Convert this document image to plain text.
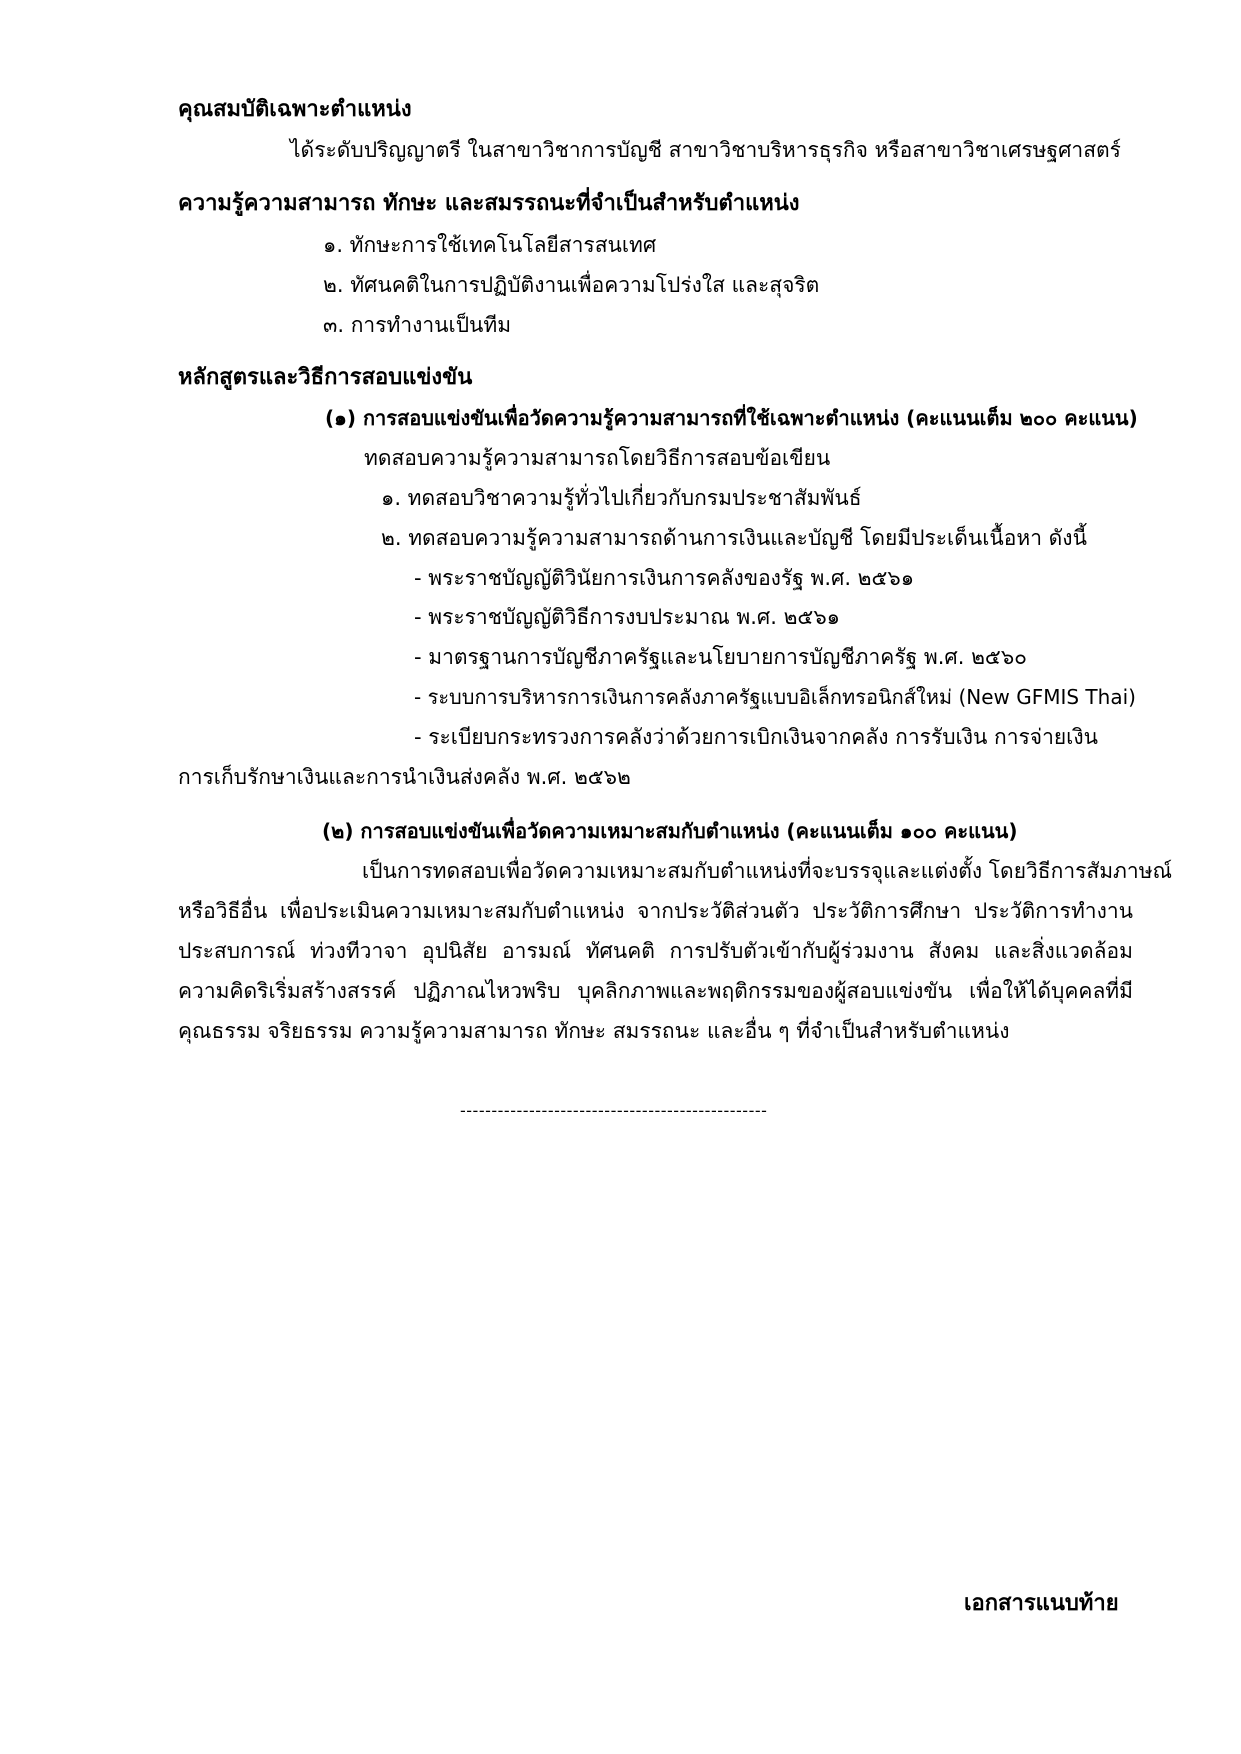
คุณสมบัติเฉพาะตำแหน่ง
ได้ระดับปริญญาตรี ในสาขาวิชาการบัญชี สาขาวิชาบริหารธุรกิจ หรือสาขาวิชาเศรษฐศาสตร์
ความรู้ความสามารถ ทักษะ และสมรรถนะที่จำเป็นสำหรับตำแหน่ง
๑. ทักษะการใช้เทคโนโลยีสารสนเทศ
๒. ทัศนคติในการปฏิบัติงานเพื่อความโปร่งใส และสุจริต
๓. การทำงานเป็นทีม
หลักสูตรและวิธีการสอบแข่งขัน
(๑) การสอบแข่งขันเพื่อวัดความรู้ความสามารถที่ใช้เฉพาะตำแหน่ง (คะแนนเต็ม ๒๐๐ คะแนน)
ทดสอบความรู้ความสามารถโดยวิธีการสอบข้อเขียน
๑. ทดสอบวิชาความรู้ทั่วไปเกี่ยวกับกรมประชาสัมพันธ์
๒. ทดสอบความรู้ความสามารถด้านการเงินและบัญชี โดยมีประเด็นเนื้อหา ดังนี้
- พระราชบัญญัติวินัยการเงินการคลังของรัฐ พ.ศ. ๒๕๖๑
- พระราชบัญญัติวิธีการงบประมาณ พ.ศ. ๒๕๖๑
- มาตรฐานการบัญชีภาครัฐและนโยบายการบัญชีภาครัฐ พ.ศ. ๒๕๖๐
- ระบบการบริหารการเงินการคลังภาครัฐแบบอิเล็กทรอนิกส์ใหม่ (New GFMIS Thai)
- ระเบียบกระทรวงการคลังว่าด้วยการเบิกเงินจากคลัง การรับเงิน การจ่ายเงิน
การเก็บรักษาเงินและการนำเงินส่งคลัง พ.ศ. ๒๕๖๒
(๒) การสอบแข่งขันเพื่อวัดความเหมาะสมกับตำแหน่ง (คะแนนเต็ม ๑๐๐ คะแนน)
เป็นการทดสอบเพื่อวัดความเหมาะสมกับตำแหน่งที่จะบรรจุและแต่งตั้ง โดยวิธีการสัมภาษณ์
หรือวิธีอื่น เพื่อประเมินความเหมาะสมกับตำแหน่ง จากประวัติส่วนตัว ประวัติการศึกษา ประวัติการทำงาน
ประสบการณ์ ท่วงทีวาจา อุปนิสัย อารมณ์ ทัศนคติ การปรับตัวเข้ากับผู้ร่วมงาน สังคม และสิ่งแวดล้อม
ความคิดริเริ่มสร้างสรรค์ ปฏิภาณไหวพริบ บุคลิกภาพและพฤติกรรมของผู้สอบแข่งขัน เพื่อให้ได้บุคคลที่มี
คุณธรรม จริยธรรม ความรู้ความสามารถ ทักษะ สมรรถนะ และอื่น ๆ ที่จำเป็นสำหรับตำแหน่ง
-------------------------------------------------
เอกสารแนบท้าย
